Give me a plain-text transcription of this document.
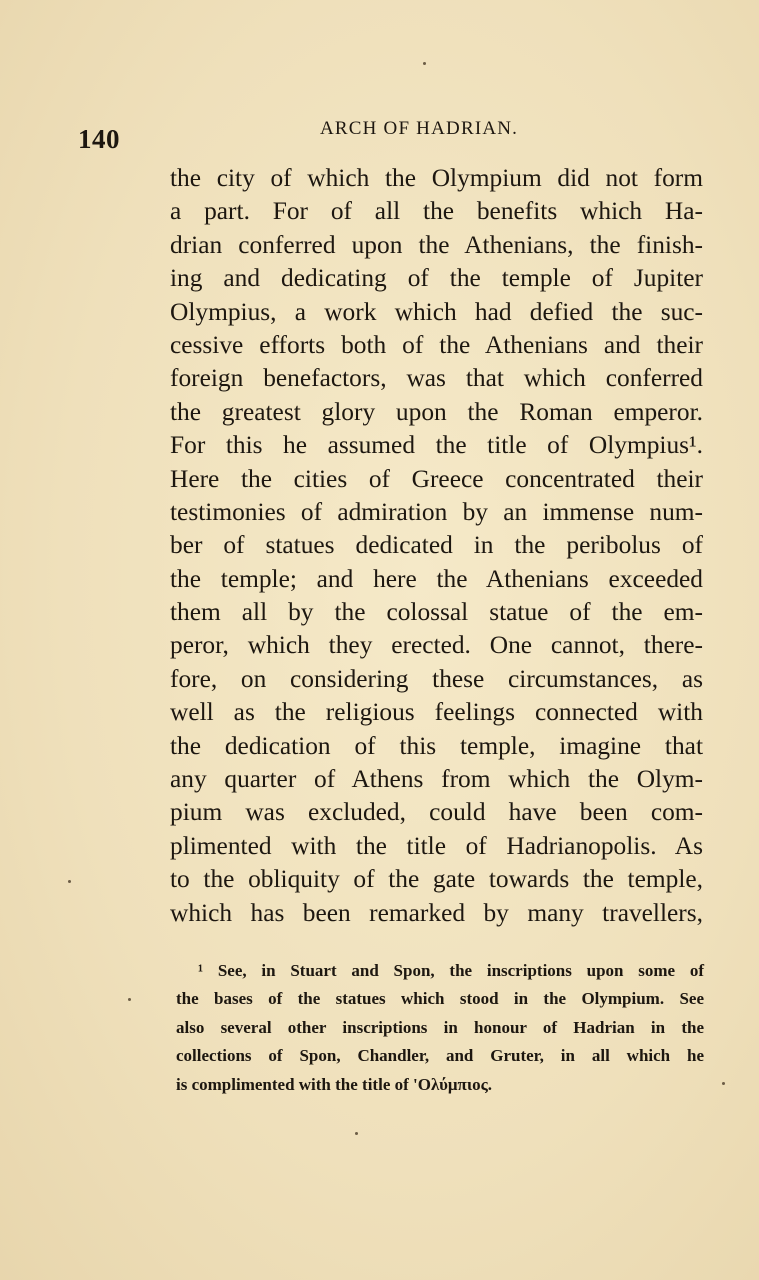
140	ARCH OF HADRIAN.
the city of which the Olympium did not form
a part. For of all the benefits which Ha-
drian conferred upon the Athenians, the finish-
ing and dedicating of the temple of Jupiter
Olympius, a work which had defied the suc-
cessive efforts both of the Athenians and their
foreign benefactors, was that which conferred
the greatest glory upon the Roman emperor.
For this he assumed the title of Olympius¹.
Here the cities of Greece concentrated their
testimonies of admiration by an immense num-
ber of statues dedicated in the peribolus of
the temple; and here the Athenians exceeded
them all by the colossal statue of the em-
peror, which they erected. One cannot, there-
fore, on considering these circumstances, as
well as the religious feelings connected with
the dedication of this temple, imagine that
any quarter of Athens from which the Olym-
pium was excluded, could have been com-
plimented with the title of Hadrianopolis. As
to the obliquity of the gate towards the temple,
which has been remarked by many travellers,
¹ See, in Stuart and Spon, the inscriptions upon some of
the bases of the statues which stood in the Olympium. See
also several other inscriptions in honour of Hadrian in the
collections of Spon, Chandler, and Gruter, in all which he
is complimented with the title of 'Ολύμπιος.
